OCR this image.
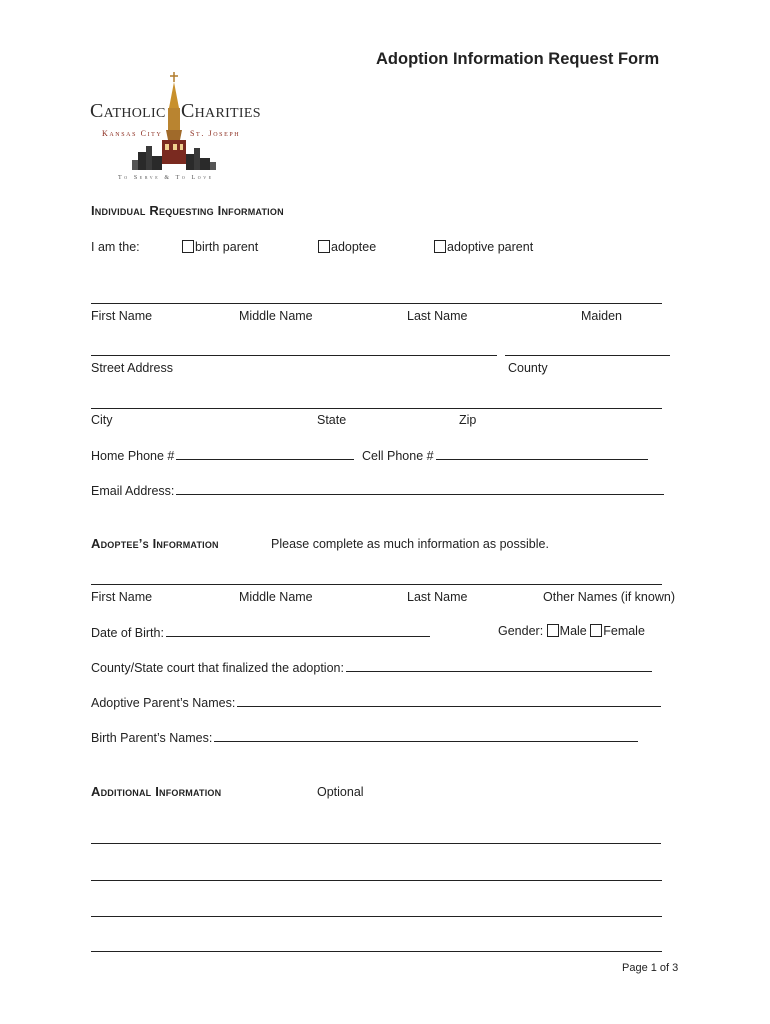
Adoption Information Request Form
Catholic Charities
Kansas City	St. Joseph
To Serve & To Love
Individual Requesting Information
I am the:	birth parent	adoptee	adoptive parent
First Name	Middle Name	Last Name	Maiden
Street Address	County
City	State	Zip
Home Phone #	Cell Phone #
Email Address:
Adoptee’s Information	Please complete as much information as possible.
First Name	Middle Name	Last Name	Other Names (if known)
Date of Birth:	Gender: Male Female
County/State court that finalized the adoption:
Adoptive Parent’s Names:
Birth Parent’s Names:
Additional Information	Optional
Page 1 of 3
